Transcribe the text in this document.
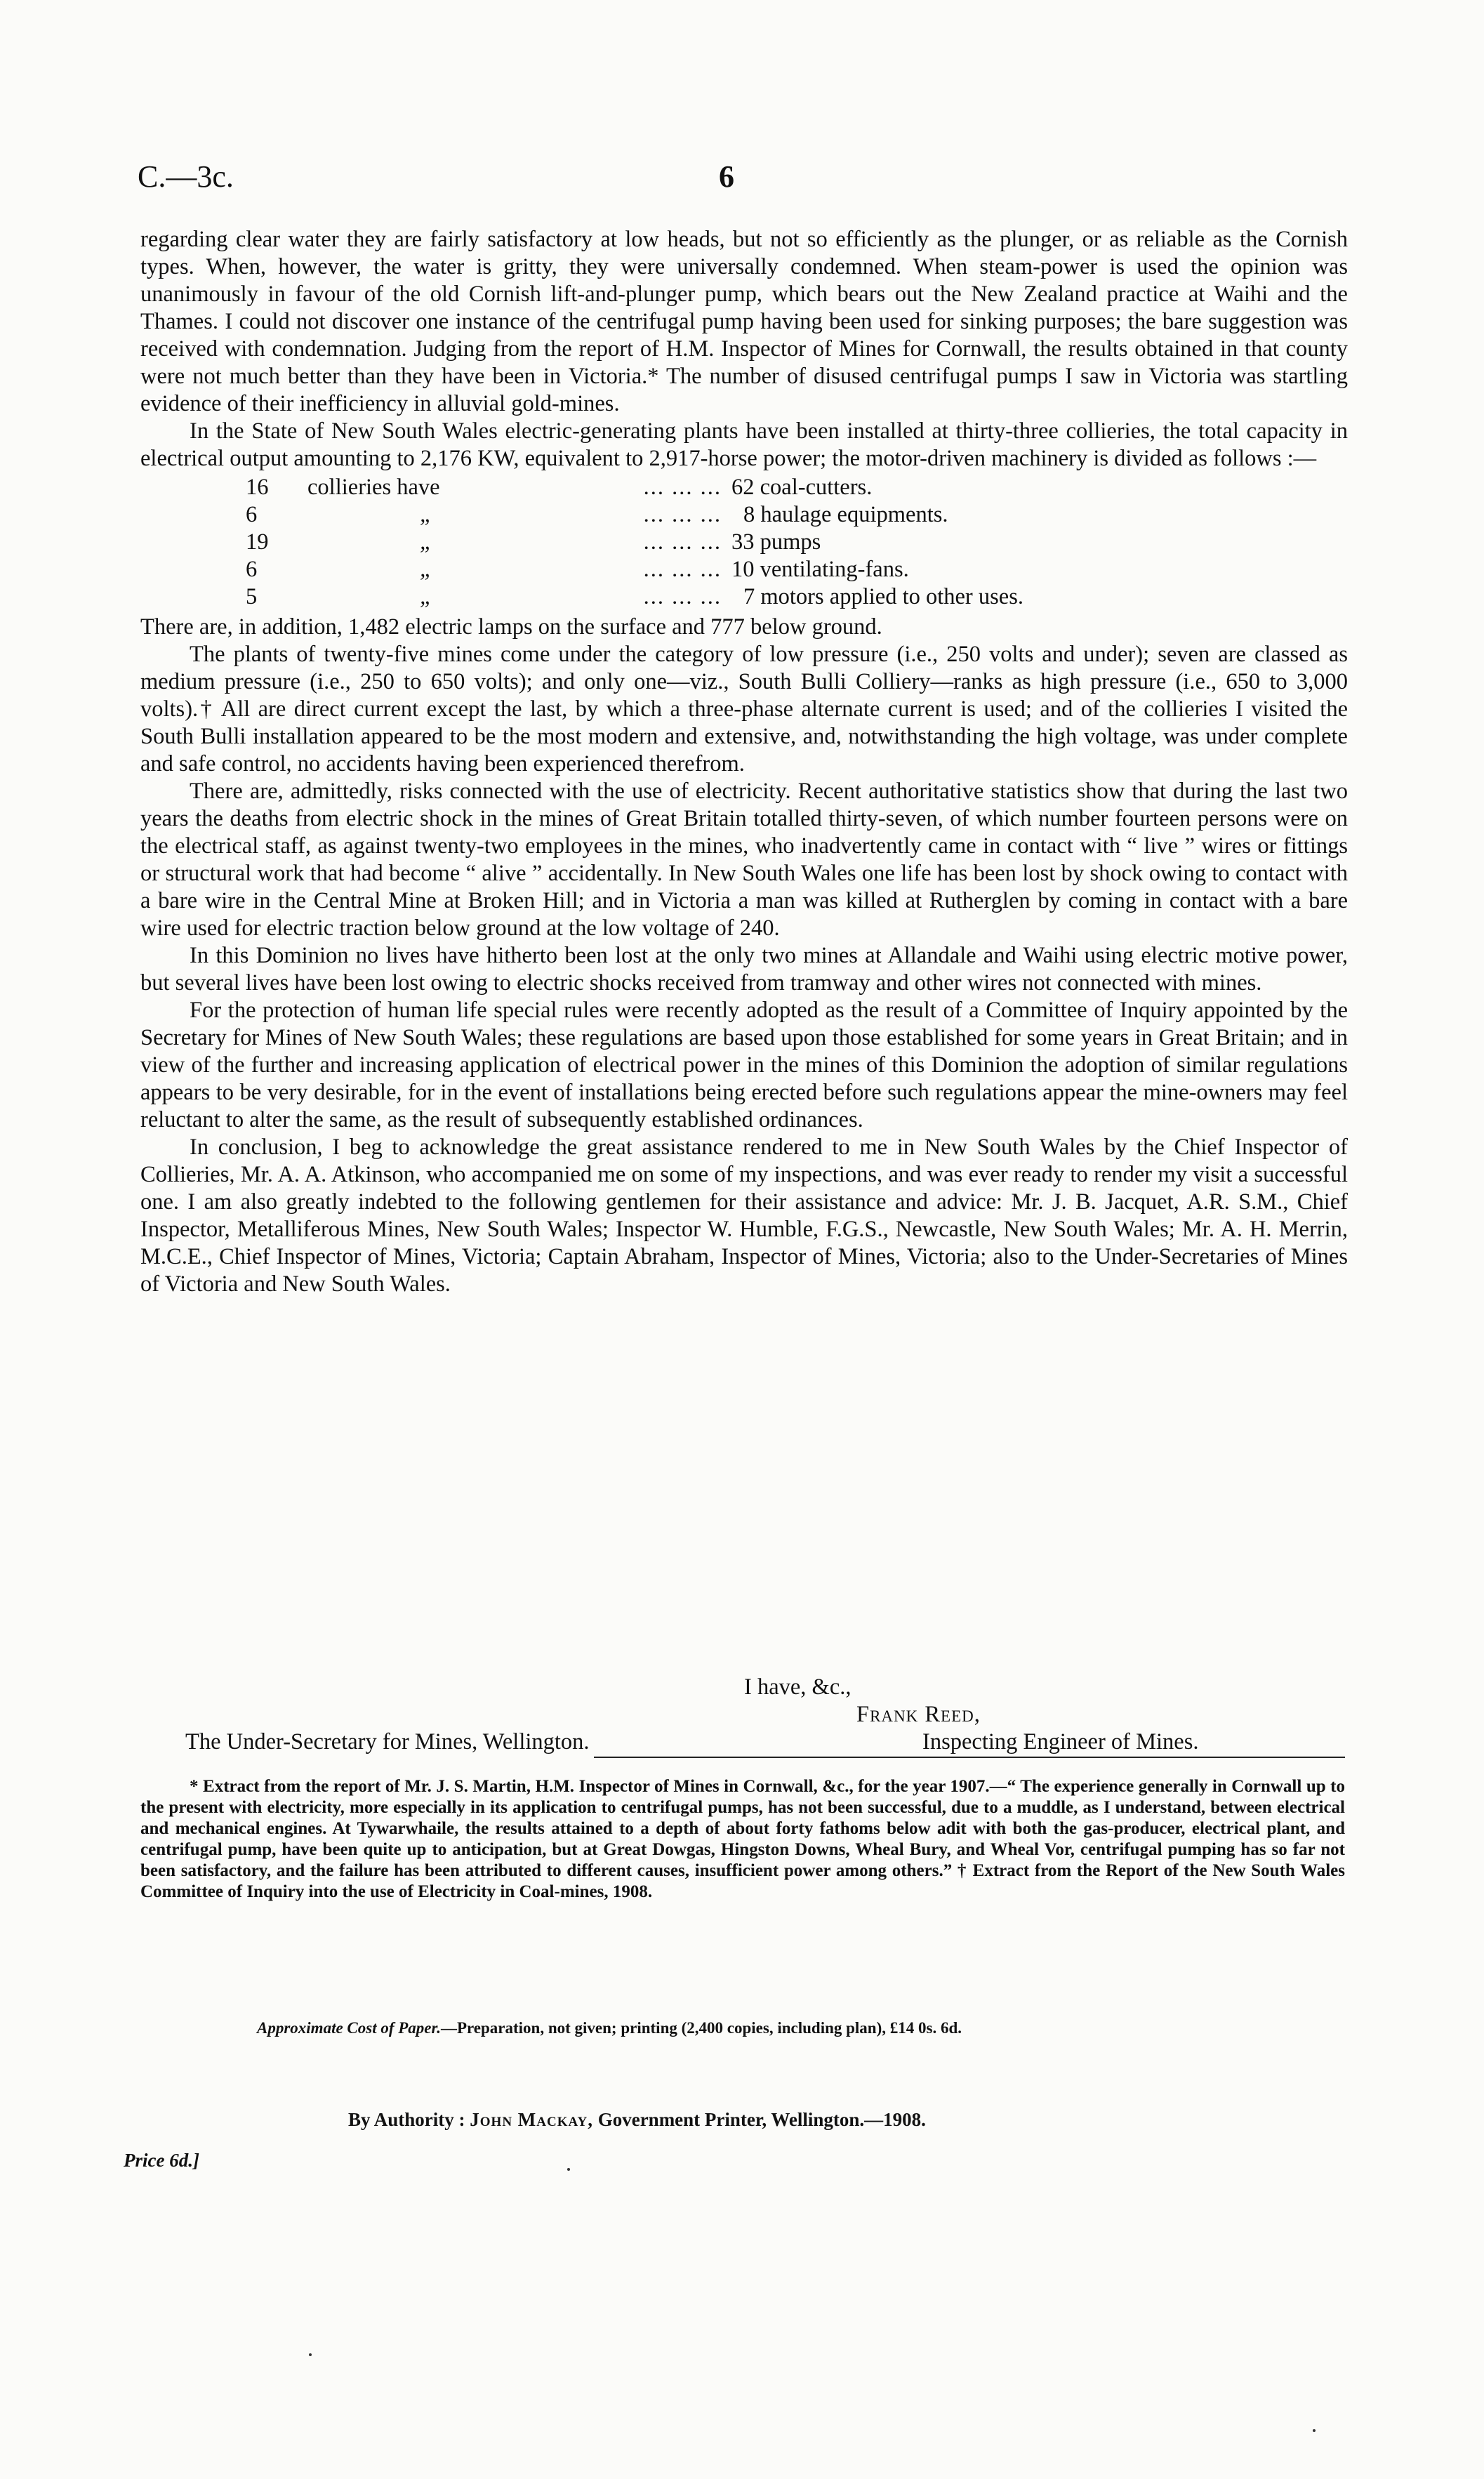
C.—3c.	6

regarding clear water they are fairly satisfactory at low heads, but not so efficiently as the plunger, or as reliable as the Cornish types. When, however, the water is gritty, they were universally condemned. When steam-power is used the opinion was unanimously in favour of the old Cornish lift-and-plunger pump, which bears out the New Zealand practice at Waihi and the Thames. I could not discover one instance of the centrifugal pump having been used for sinking purposes; the bare suggestion was received with condemnation. Judging from the report of H.M. Inspector of Mines for Cornwall, the results obtained in that county were not much better than they have been in Victoria.* The number of disused centrifugal pumps I saw in Victoria was startling evidence of their inefficiency in alluvial gold-mines.

In the State of New South Wales electric-generating plants have been installed at thirty-three collieries, the total capacity in electrical output amounting to 2,176 KW, equivalent to 2,917-horse power; the motor-driven machinery is divided as follows :—

16	collieries have	... ... ... 62 coal-cutters.
6	„	... ... ... 8 haulage equipments.
19	„	... ... ... 33 pumps
6	„	... ... ... 10 ventilating-fans.
5	„	... ... ... 7 motors applied to other uses.

There are, in addition, 1,482 electric lamps on the surface and 777 below ground.

The plants of twenty-five mines come under the category of low pressure (i.e., 250 volts and under); seven are classed as medium pressure (i.e., 250 to 650 volts); and only one—viz., South Bulli Colliery—ranks as high pressure (i.e., 650 to 3,000 volts).† All are direct current except the last, by which a three-phase alternate current is used; and of the collieries I visited the South Bulli installation appeared to be the most modern and extensive, and, notwithstanding the high voltage, was under complete and safe control, no accidents having been experienced therefrom.

There are, admittedly, risks connected with the use of electricity. Recent authoritative statistics show that during the last two years the deaths from electric shock in the mines of Great Britain totalled thirty-seven, of which number fourteen persons were on the electrical staff, as against twenty-two employees in the mines, who inadvertently came in contact with “ live ” wires or fittings or structural work that had become “ alive ” accidentally. In New South Wales one life has been lost by shock owing to contact with a bare wire in the Central Mine at Broken Hill; and in Victoria a man was killed at Rutherglen by coming in contact with a bare wire used for electric traction below ground at the low voltage of 240.

In this Dominion no lives have hitherto been lost at the only two mines at Allandale and Waihi using electric motive power, but several lives have been lost owing to electric shocks received from tramway and other wires not connected with mines.

For the protection of human life special rules were recently adopted as the result of a Committee of Inquiry appointed by the Secretary for Mines of New South Wales; these regulations are based upon those established for some years in Great Britain; and in view of the further and increasing application of electrical power in the mines of this Dominion the adoption of similar regulations appears to be very desirable, for in the event of installations being erected before such regulations appear the mine-owners may feel reluctant to alter the same, as the result of subsequently established ordinances.

In conclusion, I beg to acknowledge the great assistance rendered to me in New South Wales by the Chief Inspector of Collieries, Mr. A. A. Atkinson, who accompanied me on some of my inspections, and was ever ready to render my visit a successful one. I am also greatly indebted to the following gentlemen for their assistance and advice: Mr. J. B. Jacquet, A.R. S.M., Chief Inspector, Metalliferous Mines, New South Wales; Inspector W. Humble, F.G.S., Newcastle, New South Wales; Mr. A. H. Merrin, M.C.E., Chief Inspector of Mines, Victoria; Captain Abraham, Inspector of Mines, Victoria; also to the Under-Secretaries of Mines of Victoria and New South Wales.

I have, &c.,
Frank Reed,
The Under-Secretary for Mines, Wellington.	Inspecting Engineer of Mines.

* Extract from the report of Mr. J. S. Martin, H.M. Inspector of Mines in Cornwall, &c., for the year 1907.—“ The experience generally in Cornwall up to the present with electricity, more especially in its application to centrifugal pumps, has not been successful, due to a muddle, as I understand, between electrical and mechanical engines. At Tywarwhaile, the results attained to a depth of about forty fathoms below adit with both the gas-producer, electrical plant, and centrifugal pump, have been quite up to anticipation, but at Great Dowgas, Hingston Downs, Wheal Bury, and Wheal Vor, centrifugal pumping has so far not been satisfactory, and the failure has been attributed to different causes, insufficient power among others.” † Extract from the Report of the New South Wales Committee of Inquiry into the use of Electricity in Coal-mines, 1908.

Approximate Cost of Paper.—Preparation, not given; printing (2,400 copies, including plan), £14 0s. 6d.
By Authority : John Mackay, Government Printer, Wellington.—1908.
Price 6d.]
